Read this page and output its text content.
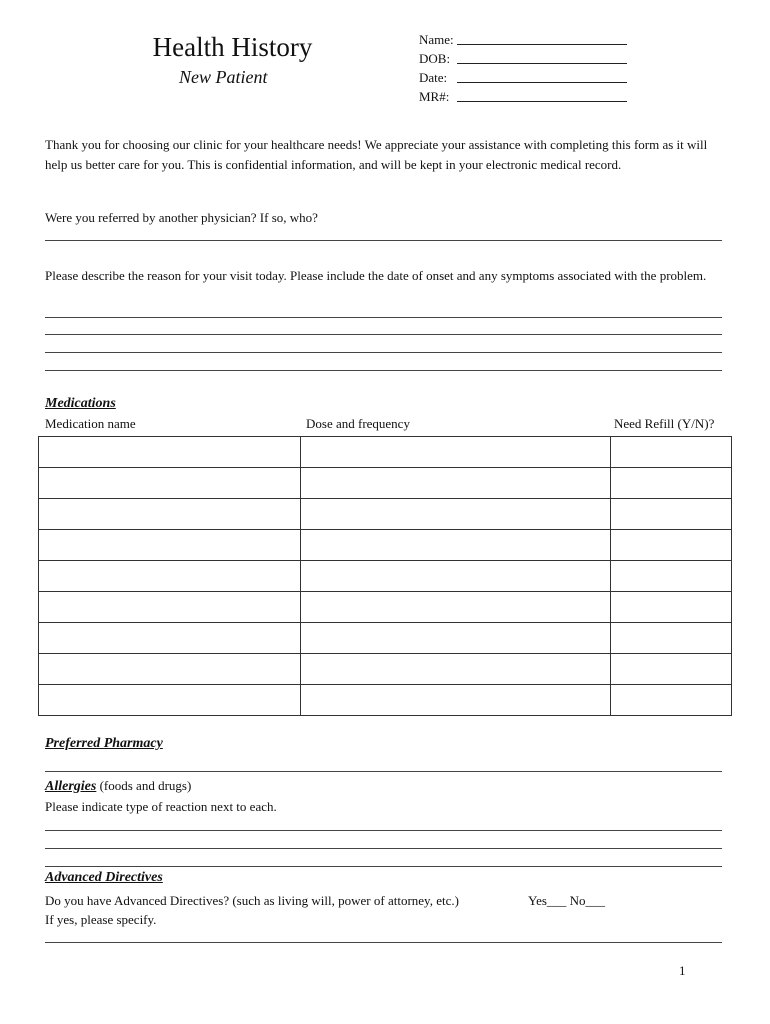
Health History
New Patient
Name:
DOB:
Date:
MR#:
Thank you for choosing our clinic for your healthcare needs! We appreciate your assistance with completing this form as it will help us better care for you. This is confidential information, and will be kept in your electronic medical record.
Were you referred by another physician? If so, who?
Please describe the reason for your visit today. Please include the date of onset and any symptoms associated with the problem.
Medications
Medication name	Dose and frequency	Need Refill (Y/N)?

Preferred Pharmacy
Allergies (foods and drugs)
Please indicate type of reaction next to each.
Advanced Directives
Do you have Advanced Directives? (such as living will, power of attorney, etc.)	Yes___ No___
If yes, please specify.
1
